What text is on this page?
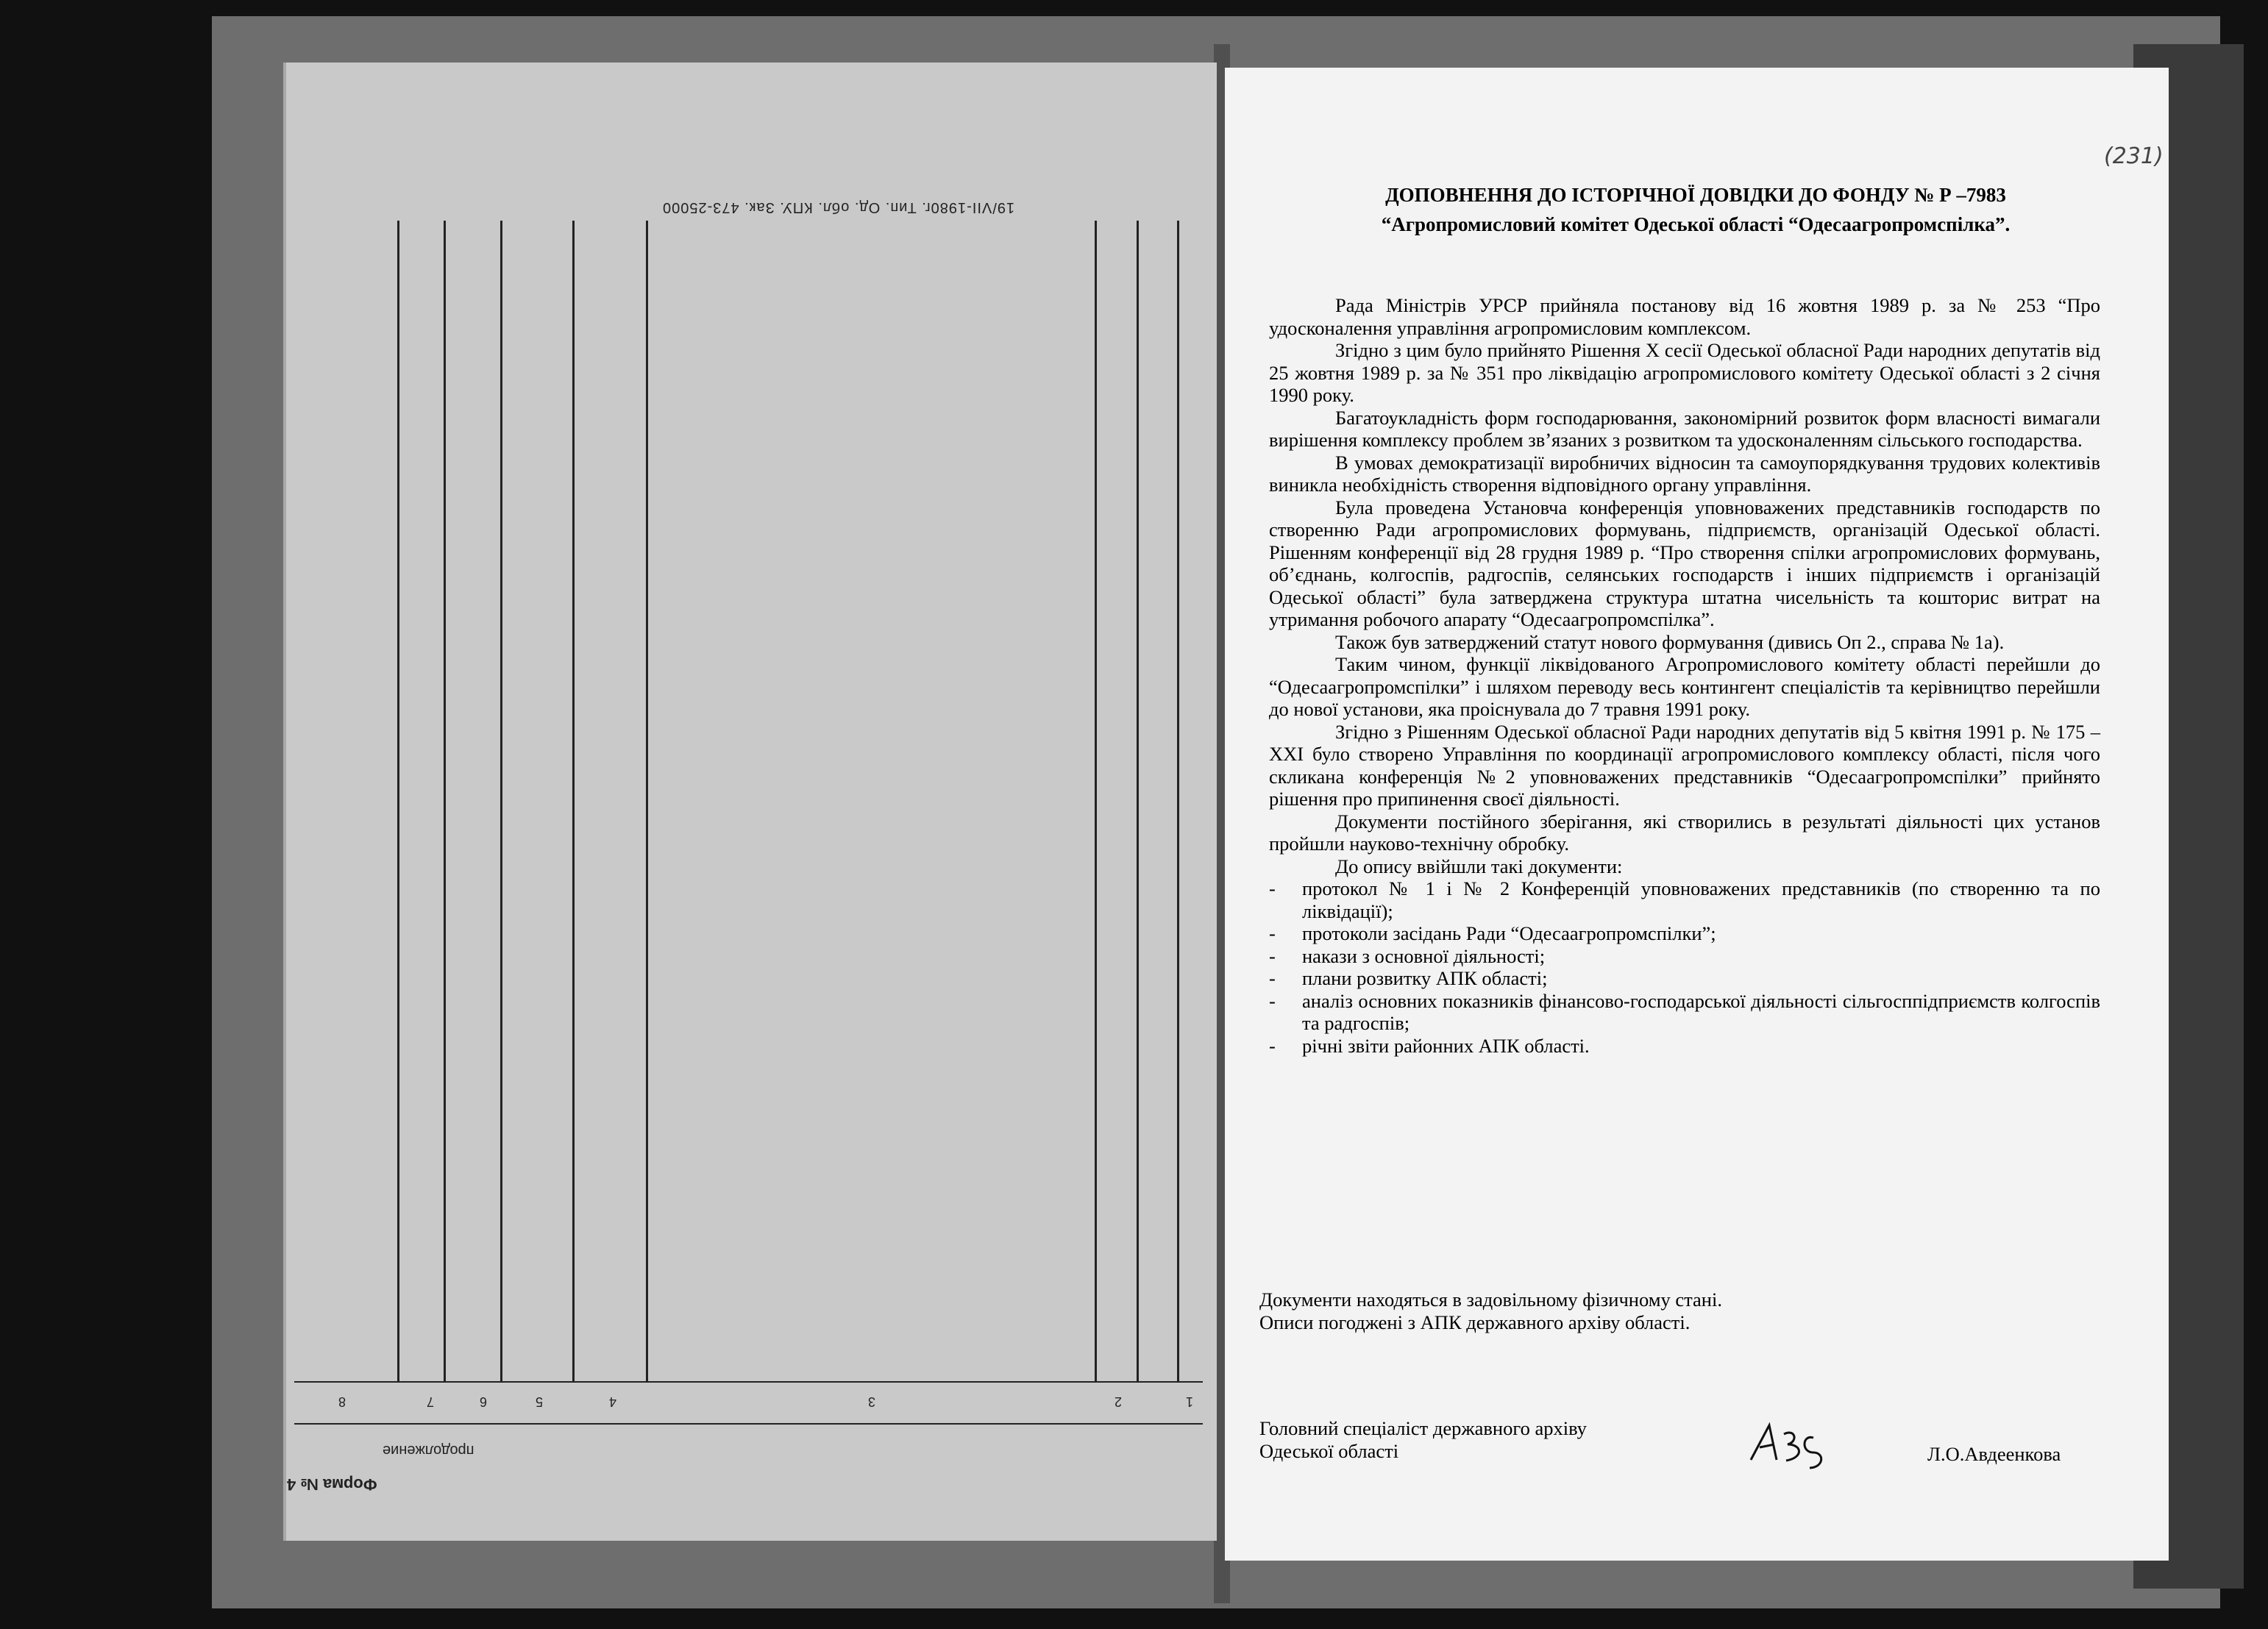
19/VII-1980г. Тип. Од. обл. КПУ. Зак. 473-25000
1
2
3
4
5
6
7
8
продолжение
Форма № 4
(231)
ДОПОВНЕННЯ ДО ІСТОРІЧНОЇ ДОВІДКИ ДО ФОНДУ № Р –7983
“Агропромисловий комітет Одеської області “Одесаагропромспілка”.

Рада Міністрів УРСР прийняла постанову від 16 жовтня 1989 р. за № 253 “Про удосконалення управління агропромисловим комплексом.

Згідно з цим було прийнято Рішення Х сесії Одеської обласної Ради народних депутатів від 25 жовтня 1989 р. за № 351 про ліквідацію агропромислового комітету Одеської області з 2 січня 1990 року.

Багатоукладність форм господарювання, закономірний розвиток форм власності вимагали вирішення комплексу проблем зв’язаних з розвитком та удосконаленням сільського господарства.

В умовах демократизації виробничих відносин та самоупорядкування трудових колективів виникла необхідність створення відповідного органу управління.

Була проведена Установча конференція уповноважених представників господарств по створенню Ради агропромислових формувань, підприємств, організацій Одеської області. Рішенням конференції від 28 грудня 1989 р. “Про створення спілки агропромислових формувань, об’єднань, колгоспів, радгоспів, селянських господарств і інших підприємств і організацій Одеської області” була затверджена структура штатна чисельність та кошторис витрат на утримання робочого апарату “Одесаагропромспілка”.

Також був затверджений статут нового формування (дивись Оп 2., справа № 1а).

Таким чином, функції ліквідованого Агропромислового комітету області перейшли до “Одесаагропромспілки” і шляхом переводу весь контингент спеціалістів та керівництво перейшли до нової установи, яка проіснувала до 7 травня 1991 року.

Згідно з Рішенням Одеської обласної Ради народних депутатів від 5 квітня 1991 р. № 175 –ХХІ було створено Управління по координації агропромислового комплексу області, після чого скликана конференція №2 уповноважених представників “Одесаагропромспілки” прийнято рішення про припинення своєї діяльності.

Документи постійного зберігання, які створились в результаті діяльності цих установ пройшли науково-технічну обробку.

До опису ввійшли такі документи:

- протокол № 1 і № 2 Конференцій уповноважених представників (по створенню та по ліквідації);
- протоколи засідань Ради “Одесаагропромспілки”;
- накази з основної діяльності;
- плани розвитку АПК області;
- аналіз основних показників фінансово-господарської діяльності сільгосппідприємств колгоспів та радгоспів;
- річні звіти районних АПК області.
Документи находяться в задовільному фізичному стані.
Описи погоджені з АПК державного архіву області.
Головний спеціаліст державного архіву
Одеської області	Л.О.Авдеенкова
